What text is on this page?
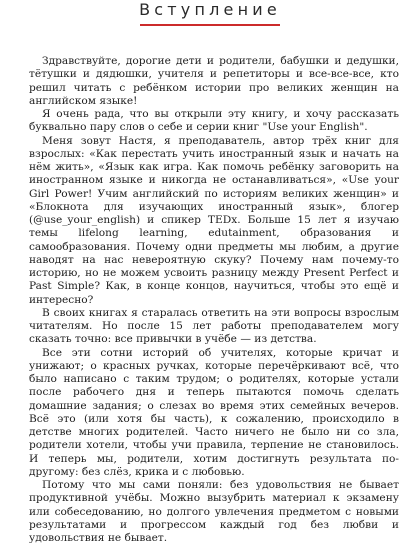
Вступление

Здравствуйте, дорогие дети и родители, бабушки и дедушки, тётушки и дядюшки, учителя и репетиторы и все-все-все, кто решил читать с ребёнком истории про великих женщин на английском языке!

Я очень рада, что вы открыли эту книгу, и хочу рассказать буквально пару слов о себе и серии книг "Use your English".

Меня зовут Настя, я преподаватель, автор трёх книг для взрослых: «Как перестать учить иностранный язык и начать на нём жить», «Язык как игра. Как помочь ребёнку заговорить на иностранном языке и никогда не останавливаться», «Use your Girl Power! Учим английский по историям великих женщин» и «Блокнота для изучающих иностранный язык», блогер (@use_your_english) и спикер TEDx. Больше 15 лет я изучаю темы lifelong learning, edutainment, образования и самообразования. Почему одни предметы мы любим, а другие наводят на нас невероятную скуку? Почему нам почему-то историю, но не можем усвоить разницу между Present Perfect и Past Simple? Как, в конце концов, научиться, чтобы это ещё и интересно?

В своих книгах я старалась ответить на эти вопросы взрослым читателям. Но после 15 лет работы преподавателем могу сказать точно: все привычки в учёбе — из детства.

Все эти сотни историй об учителях, которые кричат и унижают; о красных ручках, которые перечёркивают всё, что было написано с таким трудом; о родителях, которые устали после рабочего дня и теперь пытаются помочь сделать домашние задания; о слезах во время этих семейных вечеров. Всё это (или хотя бы часть), к сожалению, происходило в детстве многих родителей. Часто ничего не было ни со зла, родители хотели, чтобы учи правила, терпение не становилось. И теперь мы, родители, хотим достигнуть результата по-другому: без слёз, крика и с любовью.

Потому что мы сами поняли: без удовольствия не бывает продуктивной учёбы. Можно вызубрить материал к экзамену или собеседованию, но долгого увлечения предметом с новыми результатами и прогрессом каждый год без любви и удовольствия не бывает.
